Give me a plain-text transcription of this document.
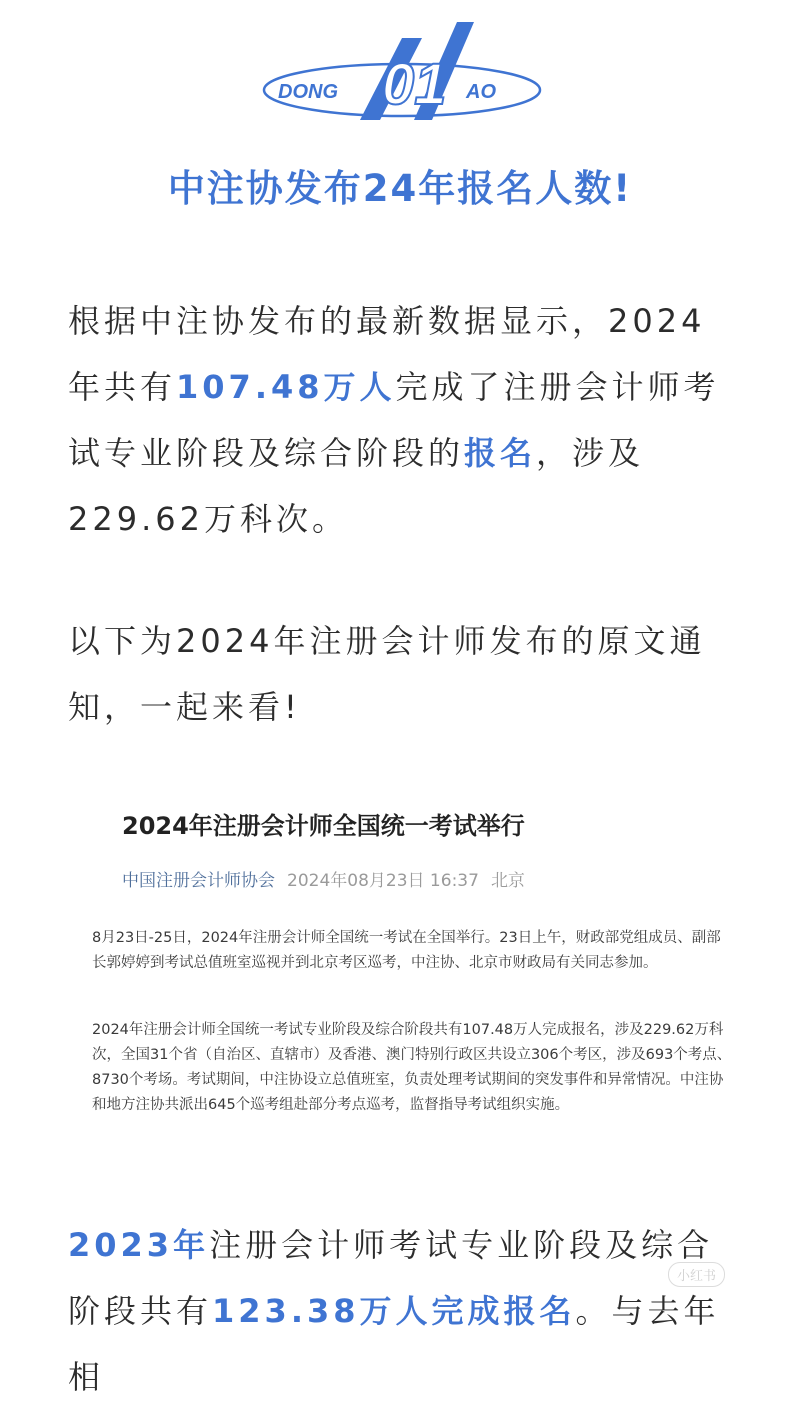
DONG	AO
01
中注协发布24年报名人数!
根据中注协发布的最新数据显示，2024年共有107.48万人完成了注册会计师考试专业阶段及综合阶段的报名，涉及229.62万科次。
以下为2024年注册会计师发布的原文通知，一起来看!
2024年注册会计师全国统一考试举行
中国注册会计师协会 2024年08月23日 16:37 北京
8月23日-25日，2024年注册会计师全国统一考试在全国举行。23日上午，财政部党组成员、副部长郭婷婷到考试总值班室巡视并到北京考区巡考，中注协、北京市财政局有关同志参加。
2024年注册会计师全国统一考试专业阶段及综合阶段共有107.48万人完成报名，涉及229.62万科次，全国31个省（自治区、直辖市）及香港、澳门特别行政区共设立306个考区，涉及693个考点、8730个考场。考试期间，中注协设立总值班室，负责处理考试期间的突发事件和异常情况。中注协和地方注协共派出645个巡考组赴部分考点巡考，监督指导考试组织实施。
2023年注册会计师考试专业阶段及综合阶段共有123.38万人完成报名。与去年相
小红书
